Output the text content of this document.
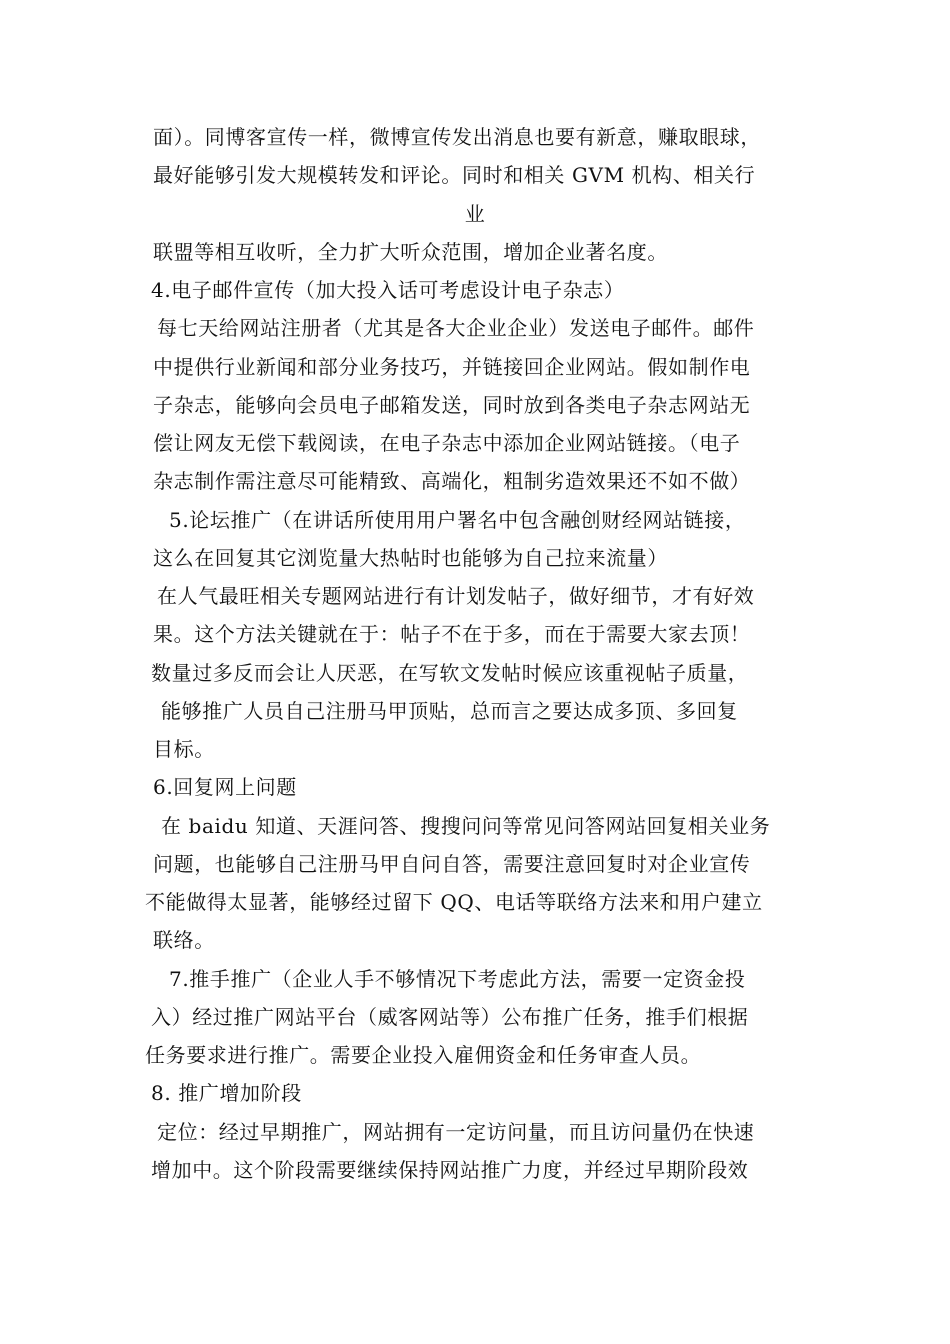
面）。同博客宣传一样，微博宣传发出消息也要有新意，赚取眼球，
最好能够引发大规模转发和评论。同时和相关 GVM 机构、相关行
业
联盟等相互收听，全力扩大听众范围，增加企业著名度。
4.电子邮件宣传（加大投入话可考虑设计电子杂志）
每七天给网站注册者（尤其是各大企业企业）发送电子邮件。邮件
中提供行业新闻和部分业务技巧，并链接回企业网站。假如制作电
子杂志，能够向会员电子邮箱发送，同时放到各类电子杂志网站无
偿让网友无偿下载阅读，在电子杂志中添加企业网站链接。（电子
杂志制作需注意尽可能精致、高端化，粗制劣造效果还不如不做）
5.论坛推广（在讲话所使用用户署名中包含融创财经网站链接，
这么在回复其它浏览量大热帖时也能够为自己拉来流量）
在人气最旺相关专题网站进行有计划发帖子，做好细节，才有好效
果。这个方法关键就在于：帖子不在于多，而在于需要大家去顶！
数量过多反而会让人厌恶，在写软文发帖时候应该重视帖子质量，
能够推广人员自己注册马甲顶贴，总而言之要达成多顶、多回复
目标。
6.回复网上问题
在 baidu 知道、天涯问答、搜搜问问等常见问答网站回复相关业务
问题，也能够自己注册马甲自问自答，需要注意回复时对企业宣传
不能做得太显著，能够经过留下 QQ、电话等联络方法来和用户建立
联络。
7.推手推广（企业人手不够情况下考虑此方法，需要一定资金投
入）经过推广网站平台（威客网站等）公布推广任务，推手们根据
任务要求进行推广。需要企业投入雇佣资金和任务审查人员。
8. 推广增加阶段
定位：经过早期推广，网站拥有一定访问量，而且访问量仍在快速
增加中。这个阶段需要继续保持网站推广力度，并经过早期阶段效
